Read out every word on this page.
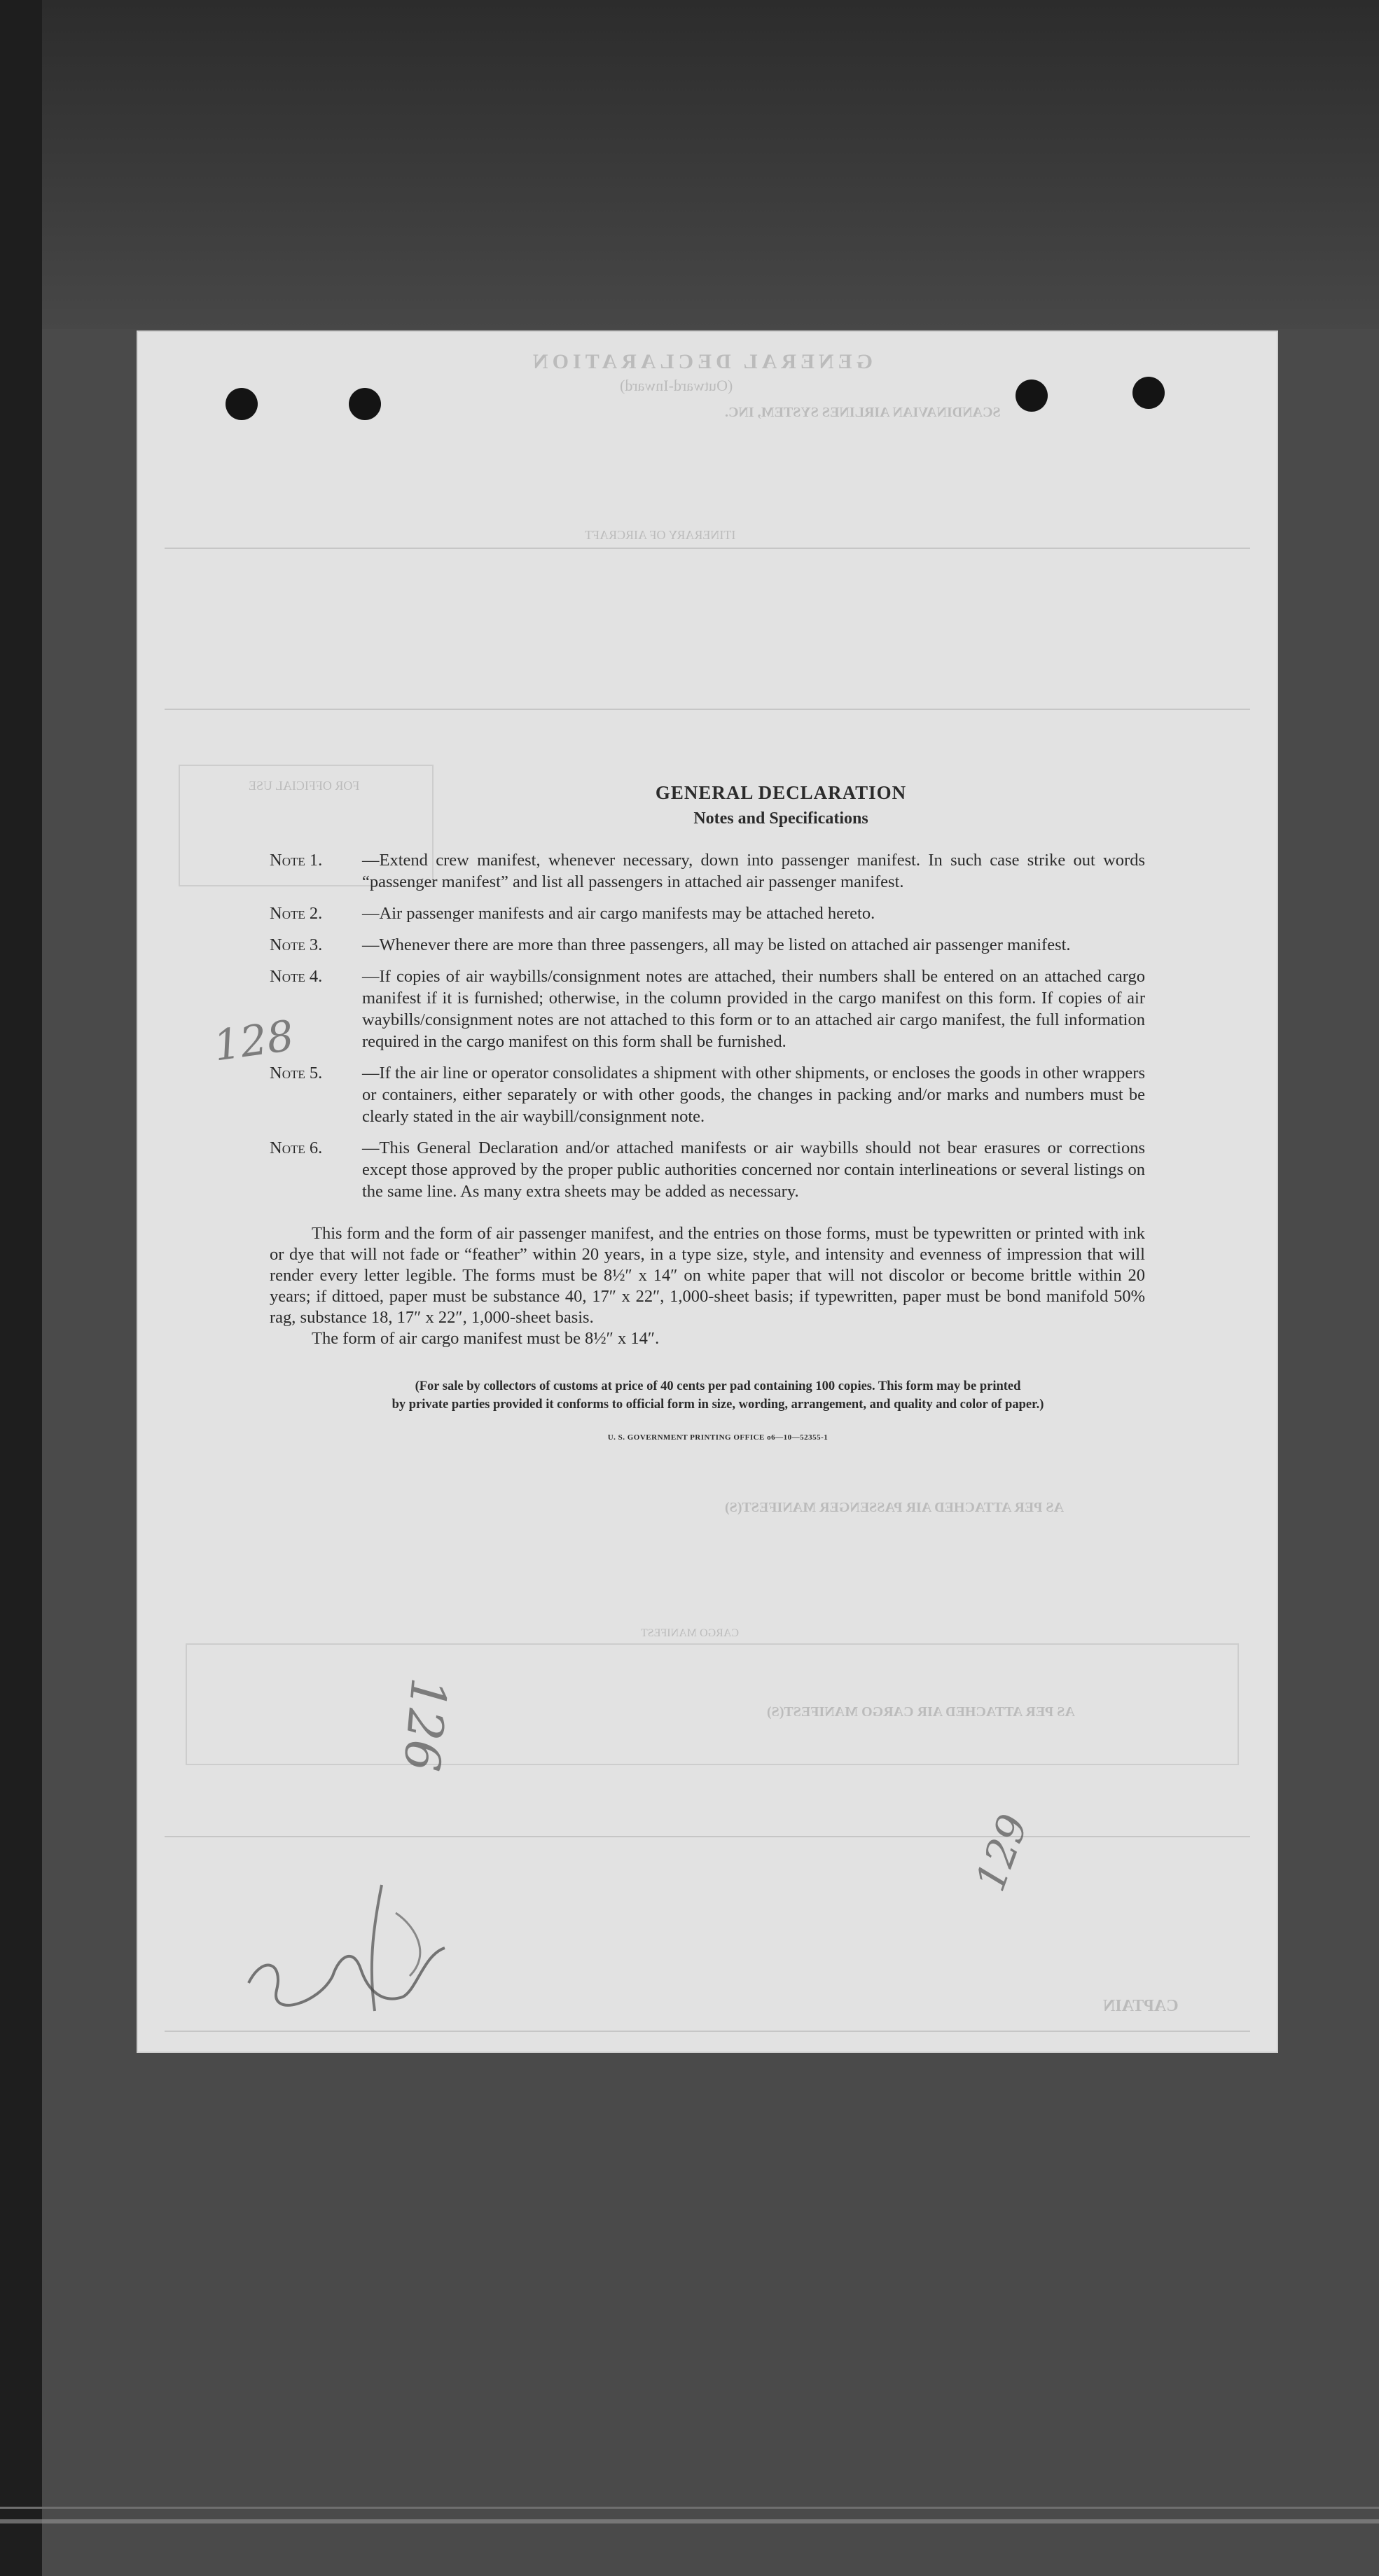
GENERAL DECLARATION
(Outward-Inward)
SCANDINAVIAN AIRLINES SYSTEM, INC.
ITINERARY OF AIRCRAFT
FOR OFFICIAL USE
AS PER ATTACHED AIR PASSENGER MANIFEST(S)
CARGO MANIFEST
AS PER ATTACHED AIR CARGO MANIFEST(S)
CAPTAIN
128
126
129
GENERAL DECLARATION
Notes and Specifications
Note 1.	—Extend crew manifest, whenever necessary, down into passenger manifest. In such case strike out words “passenger manifest” and list all passengers in attached air passenger manifest.
Note 2.	—Air passenger manifests and air cargo manifests may be attached hereto.
Note 3.	—Whenever there are more than three passengers, all may be listed on attached air passenger manifest.
Note 4.	—If copies of air waybills/consignment notes are attached, their numbers shall be entered on an attached cargo manifest if it is furnished; otherwise, in the column provided in the cargo manifest on this form. If copies of air waybills/consignment notes are not attached to this form or to an attached air cargo manifest, the full information required in the cargo manifest on this form shall be furnished.
Note 5.	—If the air line or operator consolidates a shipment with other shipments, or encloses the goods in other wrappers or containers, either separately or with other goods, the changes in packing and/or marks and numbers must be clearly stated in the air waybill/consignment note.
Note 6.	—This General Declaration and/or attached manifests or air waybills should not bear erasures or corrections except those approved by the proper public authorities concerned nor contain interlineations or several listings on the same line. As many extra sheets may be added as necessary.
This form and the form of air passenger manifest, and the entries on those forms, must be typewritten or printed with ink or dye that will not fade or “feather” within 20 years, in a type size, style, and intensity and evenness of impression that will render every letter legible. The forms must be 8½″ x 14″ on white paper that will not discolor or become brittle within 20 years; if dittoed, paper must be substance 40, 17″ x 22″, 1,000-sheet basis; if typewritten, paper must be bond manifold 50% rag, substance 18, 17″ x 22″, 1,000-sheet basis.
The form of air cargo manifest must be 8½″ x 14″.
(For sale by collectors of customs at price of 40 cents per pad containing 100 copies. This form may be printed
by private parties provided it conforms to official form in size, wording, arrangement, and quality and color of paper.)
U. S. GOVERNMENT PRINTING OFFICE o6—10—52355-1
